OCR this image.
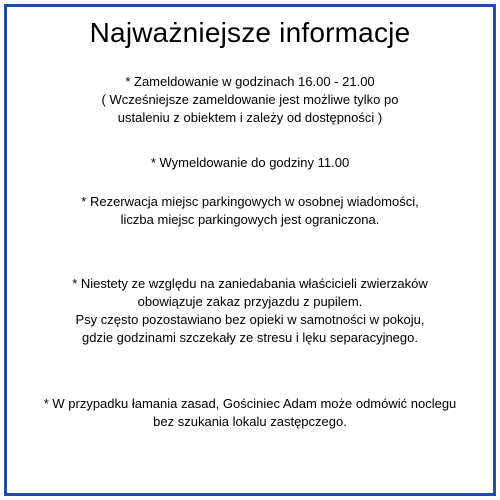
Najważniejsze informacje
* Zameldowanie w godzinach 16.00 - 21.00
( Wcześniejsze zameldowanie jest możliwe tylko po
ustaleniu z obiektem i zależy od dostępności )
* Wymeldowanie do godziny 11.00
* Rezerwacja miejsc parkingowych w osobnej wiadomości,
liczba miejsc parkingowych jest ograniczona.
* Niestety ze względu na zaniedabania właścicieli zwierzaków
obowiązuje zakaz przyjazdu z pupilem.
Psy często pozostawiano bez opieki w samotności w pokoju,
gdzie godzinami szczekały ze stresu i lęku separacyjnego.
* W przypadku łamania zasad, Gościniec Adam może odmówić noclegu
bez szukania lokalu zastępczego.
